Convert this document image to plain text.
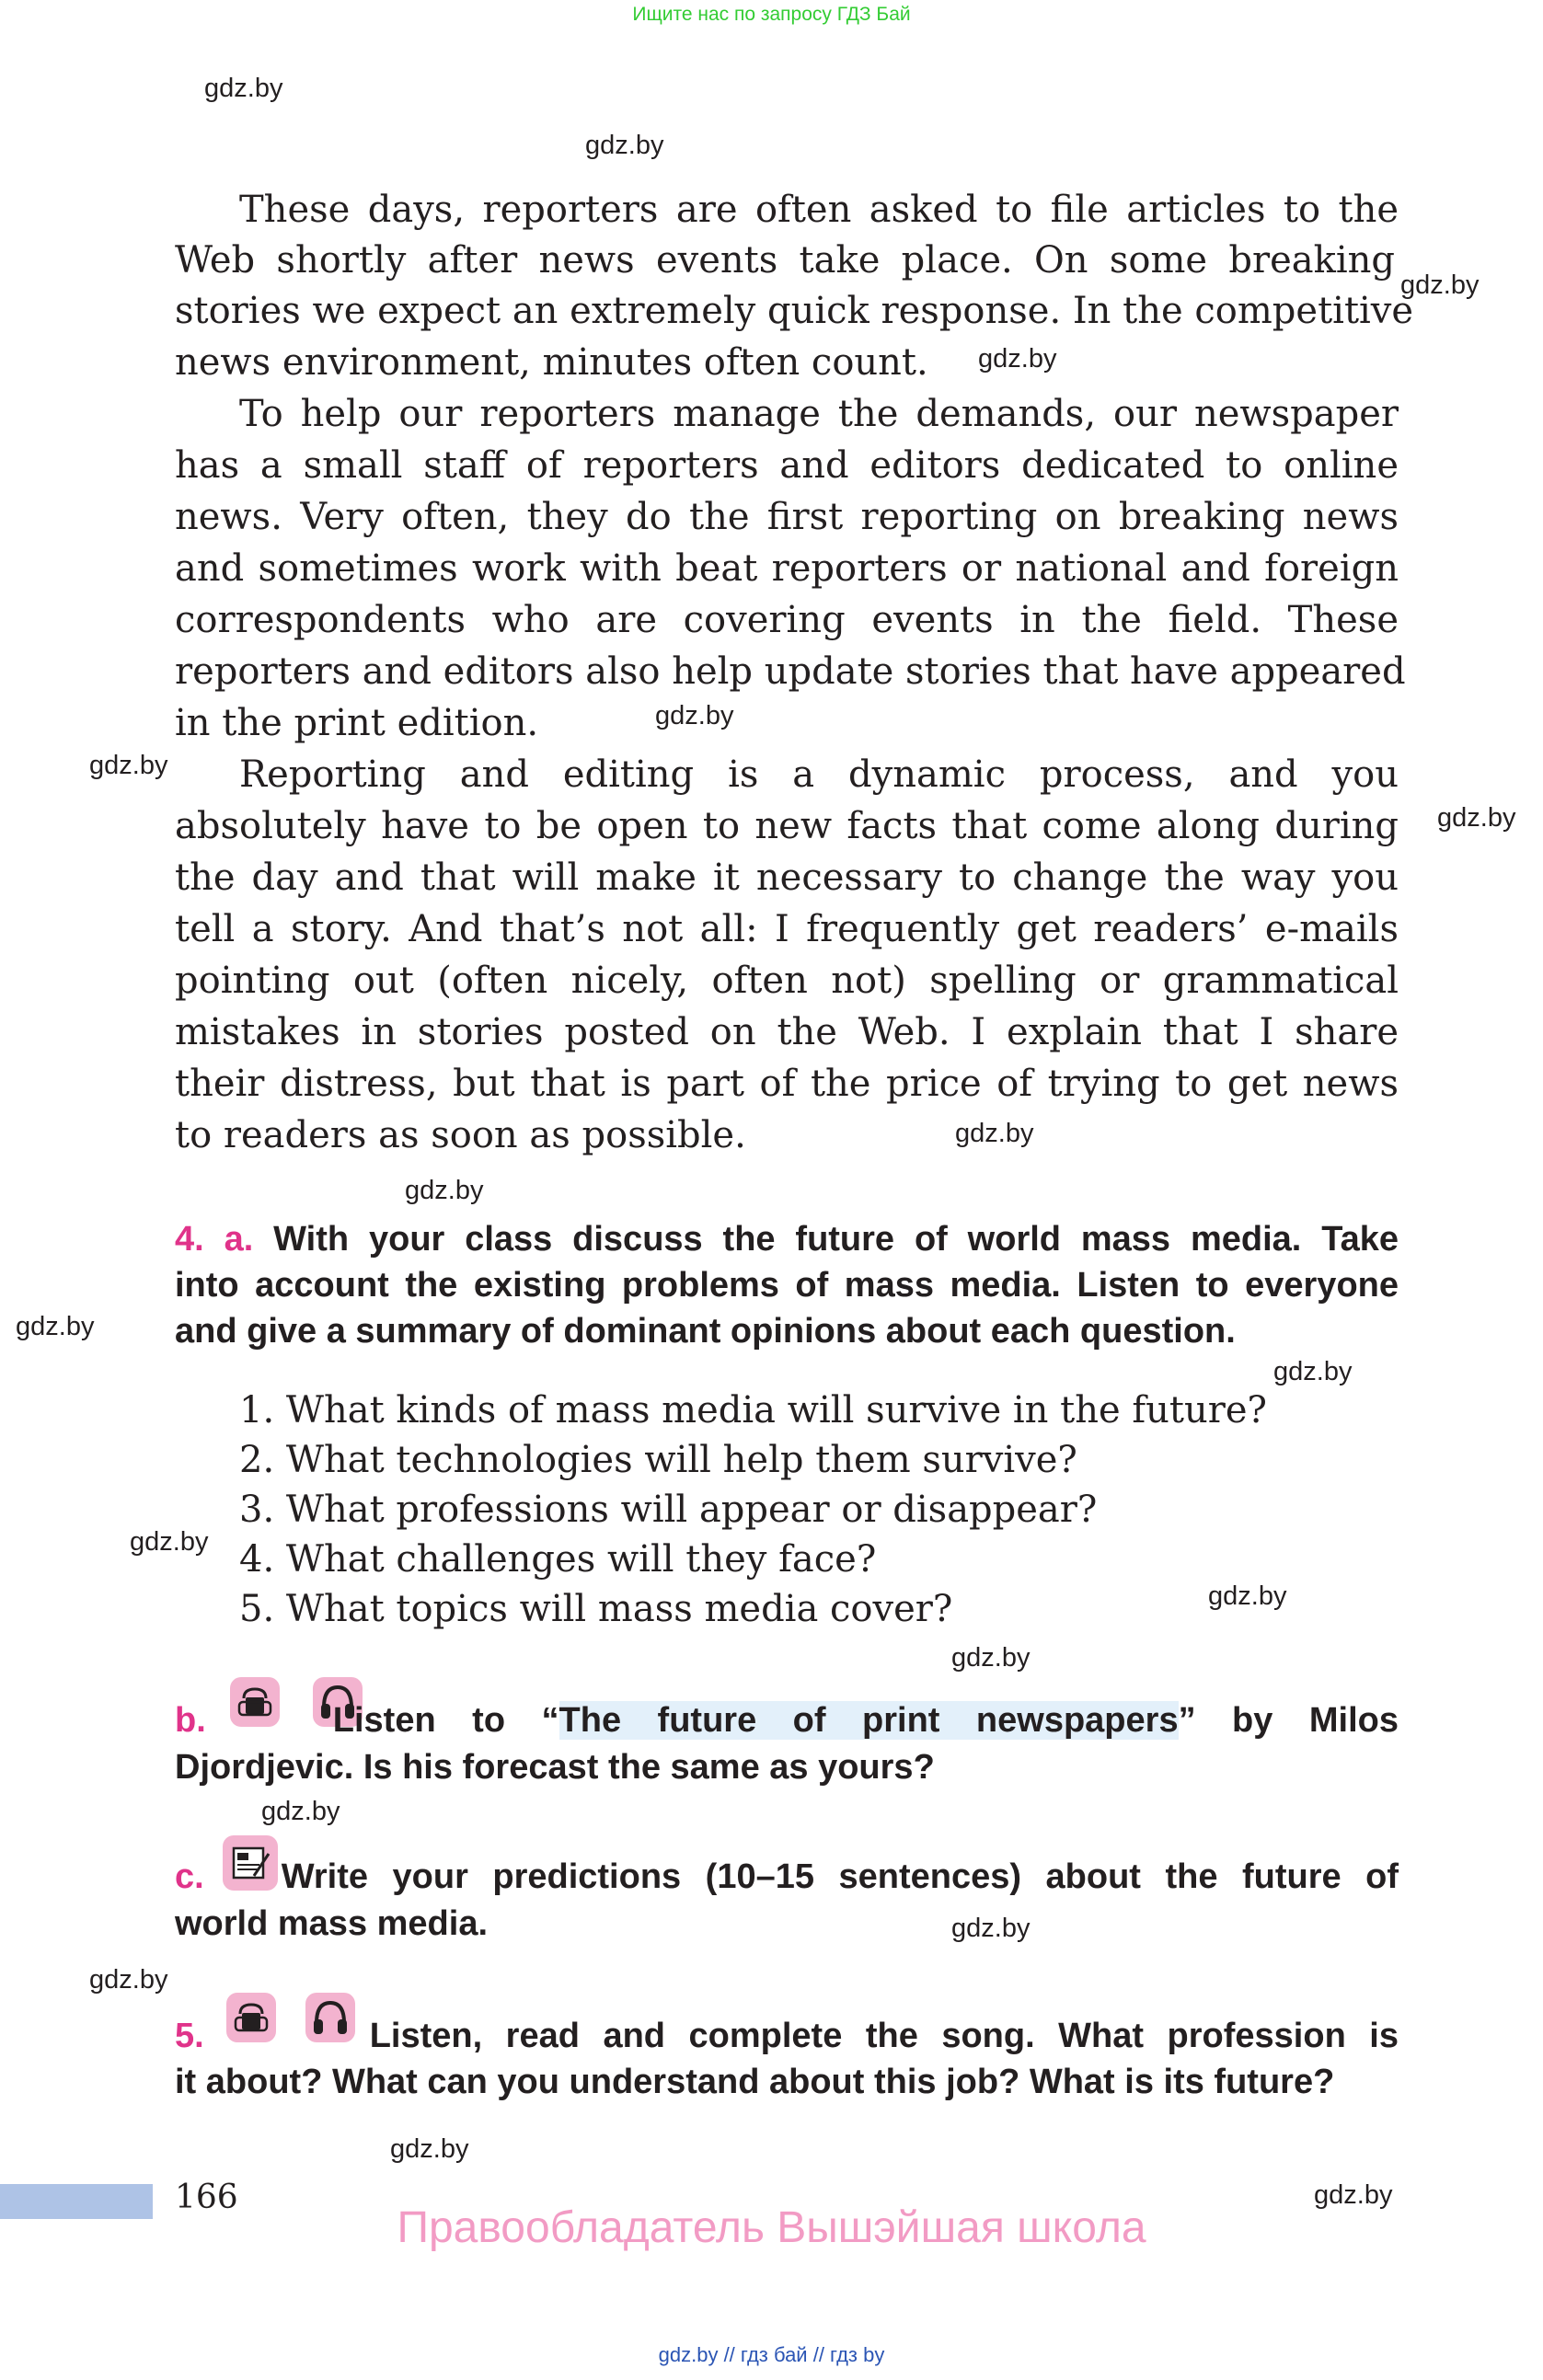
Ищите нас по запросу ГДЗ Бай
gdz.by
gdz.by
gdz.by
gdz.by
gdz.by
gdz.by
gdz.by
gdz.by
gdz.by
gdz.by
gdz.by
gdz.by
gdz.by
gdz.by
gdz.by
gdz.by
gdz.by
gdz.by
gdz.by
These days, reporters are often asked to file articles to the
Web shortly after news events take place. On some breaking
stories we expect an extremely quick response. In the competitive
news environment, minutes often count.
To help our reporters manage the demands, our newspaper
has a small staff of reporters and editors dedicated to online
news. Very often, they do the first reporting on breaking news
and sometimes work with beat reporters or national and foreign
correspondents who are covering events in the field. These
reporters and editors also help update stories that have appeared
in the print edition.
Reporting and editing is a dynamic process, and you
absolutely have to be open to new facts that come along during
the day and that will make it necessary to change the way you
tell a story. And that’s not all: I frequently get readers’ e-mails
pointing out (often nicely, often not) spelling or grammatical
mistakes in stories posted on the Web. I explain that I share
their distress, but that is part of the price of trying to get news
to readers as soon as possible.
4. a. With your class discuss the future of world mass media. Take
into account the existing problems of mass media. Listen to everyone
and give a summary of dominant opinions about each question.
1. What kinds of mass media will survive in the future?
2. What technologies will help them survive?
3. What professions will appear or disappear?
4. What challenges will they face?
5. What topics will mass media cover?
b.	Listen to “The future of print newspapers” by Milos
Djordjevic. Is his forecast the same as yours?
c. Write your predictions (10–15 sentences) about the future of
world mass media.
5.	Listen, read and complete the song. What profession is
it about? What can you understand about this job? What is its future?
166
Правообладатель Вышэйшая школа
gdz.by // гдз бай // гдз by
